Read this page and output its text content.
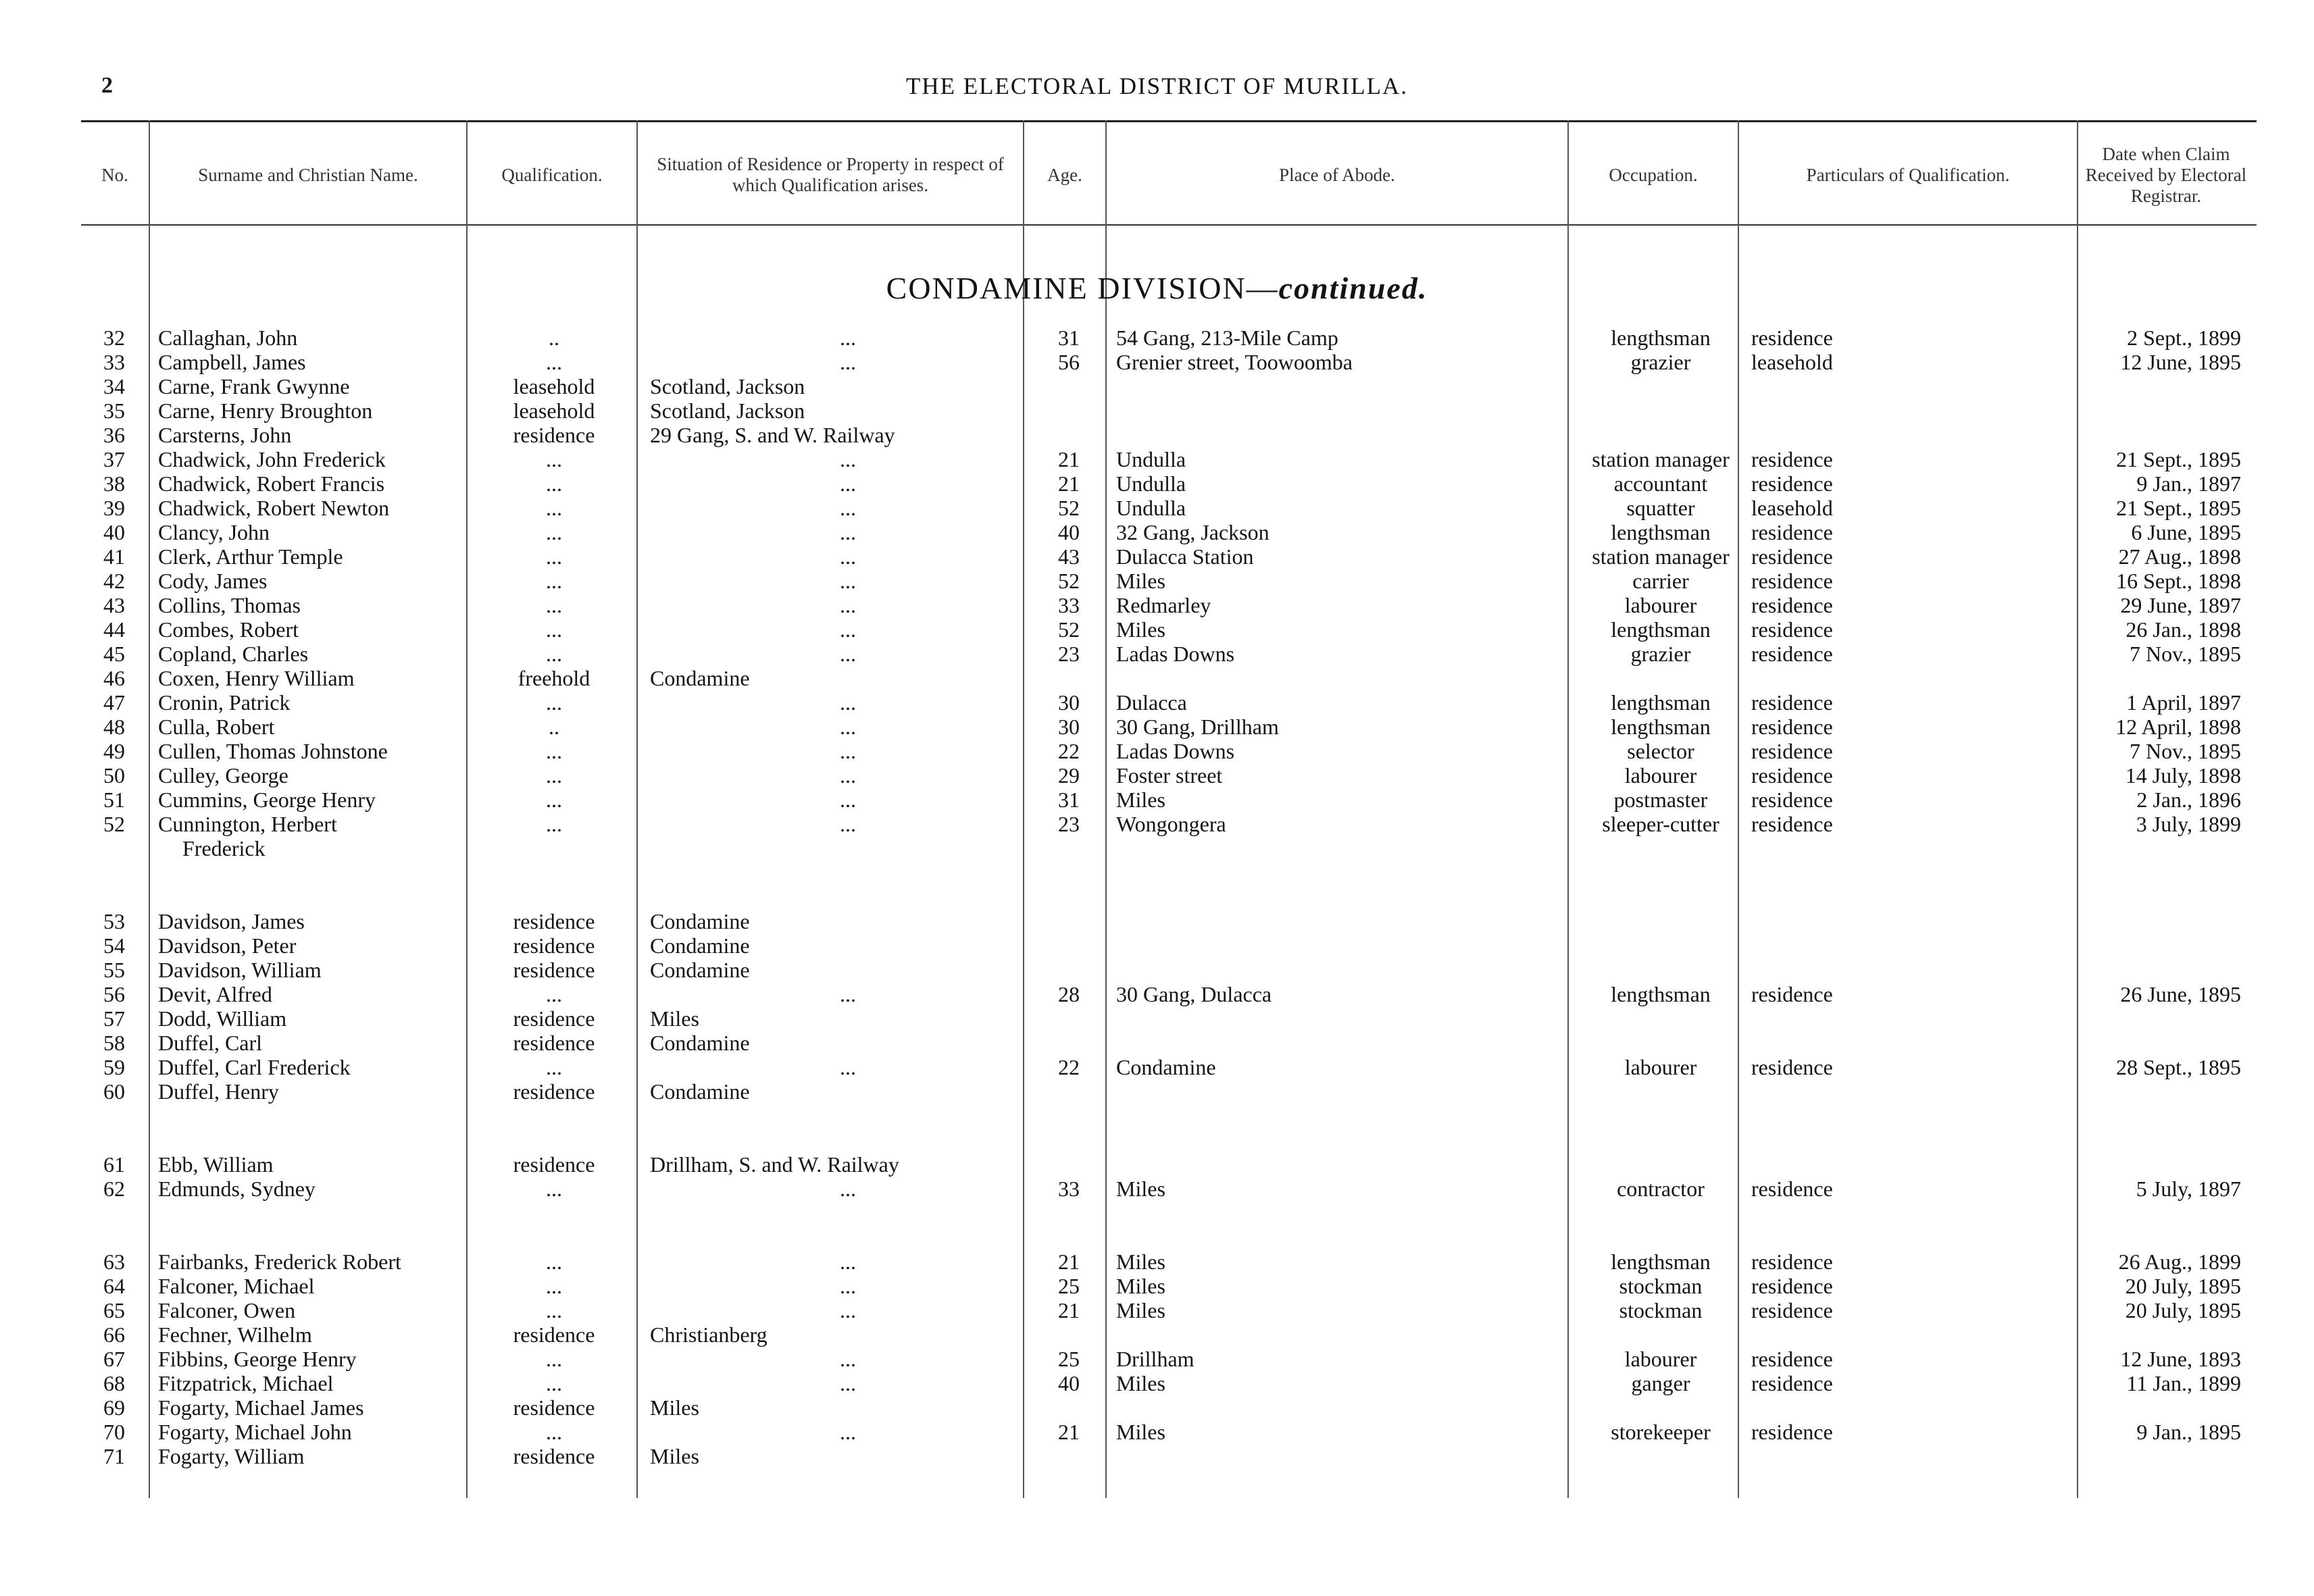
2	THE ELECTORAL DISTRICT OF MURILLA.
No.	Surname and Christian Name.	Qualification.
Situation of Residence or Property in respect of which Qualification arises.
Age.	Place of Abode.	Occupation.	Particulars of Qualification.
Date when Claim Received by Electoral Registrar.
CONDAMINE DIVISION—continued.
32 Callaghan, John	..	...	31	54 Gang, 213-Mile Camp	lengthsman	residence	2 Sept., 1899
33 Campbell, James	...	...	56	Grenier street, Toowoomba	grazier	leasehold	12 June, 1895
34 Carne, Frank Gwynne	leasehold	Scotland, Jackson
35 Carne, Henry Broughton	leasehold	Scotland, Jackson
36 Carsterns, John	residence	29 Gang, S. and W. Railway
37 Chadwick, John Frederick	...	...	21	Undulla	station manager	residence	21 Sept., 1895
38 Chadwick, Robert Francis	...	...	21	Undulla	accountant	residence	9 Jan., 1897
39 Chadwick, Robert Newton	...	...	52	Undulla	squatter	leasehold	21 Sept., 1895
40 Clancy, John	...	...	40	32 Gang, Jackson	lengthsman	residence	6 June, 1895
41 Clerk, Arthur Temple	...	...	43	Dulacca Station	station manager	residence	27 Aug., 1898
42 Cody, James	...	...	52	Miles	carrier	residence	16 Sept., 1898
43 Collins, Thomas	...	...	33	Redmarley	labourer	residence	29 June, 1897
44 Combes, Robert	...	...	52	Miles	lengthsman	residence	26 Jan., 1898
45 Copland, Charles	...	...	23	Ladas Downs	grazier	residence	7 Nov., 1895
46 Coxen, Henry William	freehold	Condamine
47 Cronin, Patrick	...	...	30	Dulacca	lengthsman	residence	1 April, 1897
48 Culla, Robert	..	...	30	30 Gang, Drillham	lengthsman	residence	12 April, 1898
49 Cullen, Thomas Johnstone	...	...	22	Ladas Downs	selector	residence	7 Nov., 1895
50 Culley, George	...	...	29	Foster street	labourer	residence	14 July, 1898
51 Cummins, George Henry	...	...	31	Miles	postmaster	residence	2 Jan., 1896
52 Cunnington, Herbert	...	...	23	Wongongera	sleeper-cutter	residence	3 July, 1899
Frederick
53 Davidson, James	residence	Condamine
54 Davidson, Peter	residence	Condamine
55 Davidson, William	residence	Condamine
56 Devit, Alfred	...	...	28	30 Gang, Dulacca	lengthsman	residence	26 June, 1895
57 Dodd, William	residence	Miles
58 Duffel, Carl	residence	Condamine
59 Duffel, Carl Frederick	...	...	22	Condamine	labourer	residence	28 Sept., 1895
60 Duffel, Henry	residence	Condamine
61 Ebb, William	residence	Drillham, S. and W. Railway
62 Edmunds, Sydney	...	...	33	Miles	contractor	residence	5 July, 1897
63 Fairbanks, Frederick Robert	...	...	21	Miles	lengthsman	residence	26 Aug., 1899
64 Falconer, Michael	...	...	25	Miles	stockman	residence	20 July, 1895
65 Falconer, Owen	...	...	21	Miles	stockman	residence	20 July, 1895
66 Fechner, Wilhelm	residence	Christianberg
67 Fibbins, George Henry	...	...	25	Drillham	labourer	residence	12 June, 1893
68 Fitzpatrick, Michael	...	...	40	Miles	ganger	residence	11 Jan., 1899
69 Fogarty, Michael James	residence	Miles
70 Fogarty, Michael John	...	...	21	Miles	storekeeper	residence	9 Jan., 1895
71 Fogarty, William	residence	Miles
